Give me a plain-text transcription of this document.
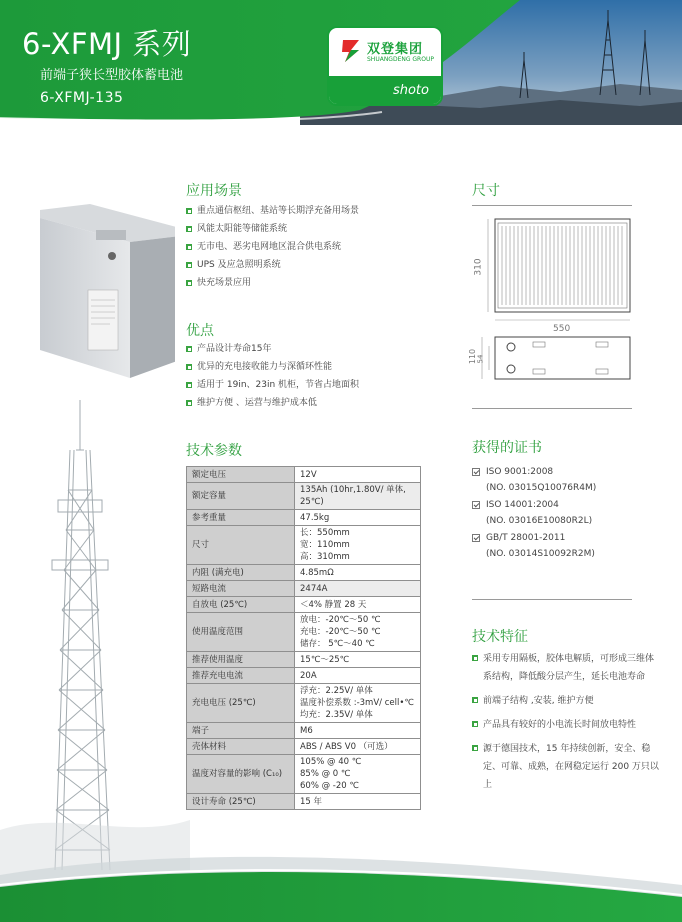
6-XFMJ 系列
前端子狭长型胶体蓄电池
6-XFMJ-135
双登集团
SHUANGDENG GROUP
shoto
应用场景
重点通信枢纽、基站等长期浮充备用场景
风能太阳能等储能系统
无市电、恶劣电网地区混合供电系统
UPS 及应急照明系统
快充场景应用
优点
产品设计寿命15年
优异的充电接收能力与深循环性能
适用于 19in、23in 机柜，节省占地面积
维护方便 、运营与维护成本低
尺寸
310
550
110 54
技术参数
额定电压	12V
额定容量	135Ah (10hr,1.80V/ 单体, 25℃)
参考重量	47.5kg
尺寸	长：550mm
宽：110mm
高：310mm

内阻 (满充电)	4.85mΩ
短路电流	2474A
自放电 (25℃)	＜4% 静置 28 天
使用温度范围	放电：-20℃～50 ℃
充电：-20℃～50 ℃
储存： 5℃～40 ℃

推荐使用温度	15℃～25℃
推荐充电电流	20A
充电电压 (25℃)	浮充：2.25V/ 单体
温度补偿系数 :-3mV/ cell•℃
均充：2.35V/ 单体

端子	M6
壳体材料	ABS / ABS V0 （可选）
温度对容量的影响 (C₁₀)	105% @ 40 ℃
85% @ 0 ℃
60% @ -20 ℃

设计寿命 (25℃)	15 年
获得的证书
ISO 9001:2008
(NO. 03015Q10076R4M)
ISO 14001:2004
(NO. 03016E10080R2L)
GB/T 28001-2011
(NO. 03014S10092R2M)
技术特征
采用专用隔板，胶体电解质，可形成三维体系结构，降低酸分层产生，延长电池寿命
前端子结构 ,安装, 维护方便
产品具有较好的小电流长时间放电特性
源于德国技术，15 年持续创新，安全、稳定、可靠、成熟，在网稳定运行 200 万只以上
